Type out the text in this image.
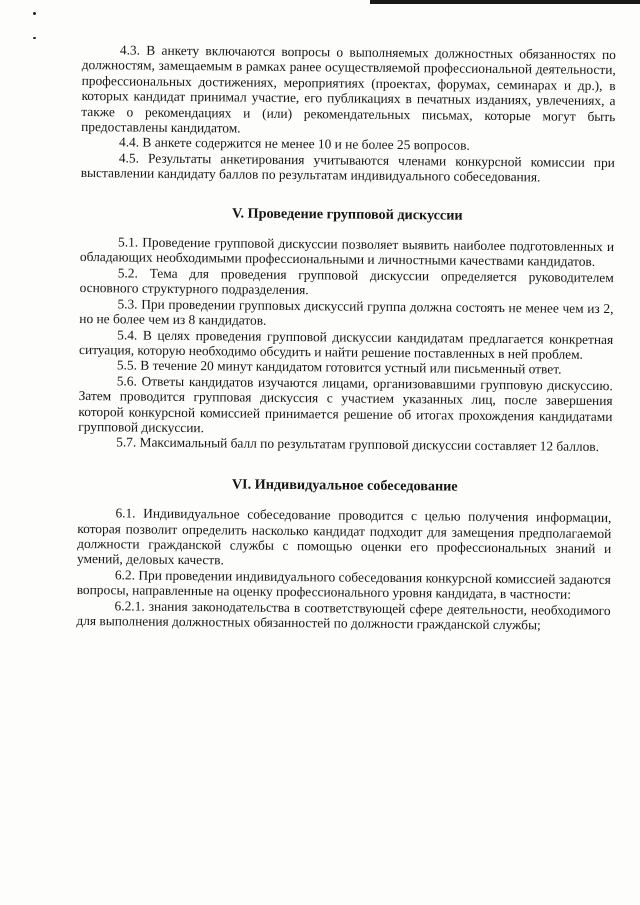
4.3. В анкету включаются вопросы о выполняемых должностных обязанностях по должностям, замещаемым в рамках ранее осуществляемой профессиональной деятельности, профессиональных достижениях, мероприятиях (проектах, форумах, семинарах и др.), в которых кандидат принимал участие, его публикациях в печатных изданиях, увлечениях, а также о рекомендациях и (или) рекомендательных письмах, которые могут быть предоставлены кандидатом.

4.4. В анкете содержится не менее 10 и не более 25 вопросов.

4.5. Результаты анкетирования учитываются членами конкурсной комиссии при выставлении кандидату баллов по результатам индивидуального собеседования.

V. Проведение групповой дискуссии

5.1. Проведение групповой дискуссии позволяет выявить наиболее подготовленных и обладающих необходимыми профессиональными и личностными качествами кандидатов.

5.2. Тема для проведения групповой дискуссии определяется руководителем основного структурного подразделения.

5.3. При проведении групповых дискуссий группа должна состоять не менее чем из 2, но не более чем из 8 кандидатов.

5.4. В целях проведения групповой дискуссии кандидатам предлагается конкретная ситуация, которую необходимо обсудить и найти решение поставленных в ней проблем.

5.5. В течение 20 минут кандидатом готовится устный или письменный ответ.

5.6. Ответы кандидатов изучаются лицами, организовавшими групповую дискуссию. Затем проводится групповая дискуссия с участием указанных лиц, после завершения которой конкурсной комиссией принимается решение об итогах прохождения кандидатами групповой дискуссии.

5.7. Максимальный балл по результатам групповой дискуссии составляет 12 баллов.

VI. Индивидуальное собеседование

6.1. Индивидуальное собеседование проводится с целью получения информации, которая позволит определить насколько кандидат подходит для замещения предполагаемой должности гражданской службы с помощью оценки его профессиональных знаний и умений, деловых качеств.

6.2. При проведении индивидуального собеседования конкурсной комиссией задаются вопросы, направленные на оценку профессионального уровня кандидата, в частности:

6.2.1. знания законодательства в соответствующей сфере деятельности, необходимого для выполнения должностных обязанностей по должности гражданской службы;
